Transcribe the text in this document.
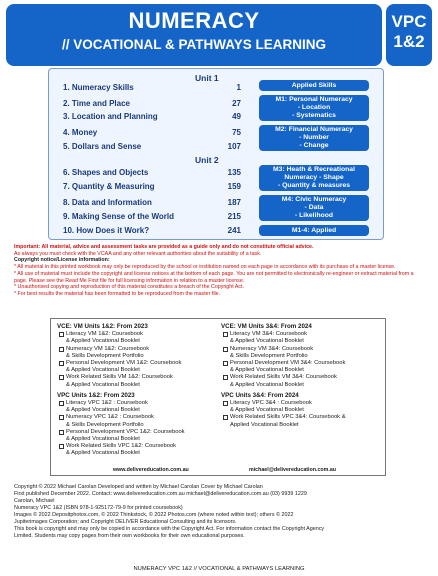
NUMERACY
// VOCATIONAL & PATHWAYS LEARNING
VPC
1&2
Unit 1
Unit 2
1. Numeracy Skills	1
2. Time and Place	27
3. Location and Planning	49
4. Money	75
5. Dollars and Sense	107
6. Shapes and Objects	135
7. Quantity & Measuring	159
8. Data and Information	187
9. Making Sense of the World	215
10. How Does it Work?	241
Applied Skills
M1: Personal Numeracy
- Location
- Systematics
M2: Financial Numeracy
- Number
- Change
M3: Heath & Recreational
Numeracy - Shape
- Quantity & measures
M4: Civic Numeracy
- Data
- Likelihood
M1-4: Applied
Important: All material, advice and assessment tasks are provided as a guide only and do not constitute official advice.
As always you must check with the VCAA and any other relevant authorities about the suitability of a task.
Copyright notice/License information:
* All material in this printed workbook may only be reproduced by the school or institution named on each page in accordance with its purchase of a master license.
* All use of material must include the copyright and license notices at the bottom of each page. You are not permitted to electronically re-engineer or extract material from a page. Please see the Read Me First file for full licensing information in relation to a master license.
* Unauthorised copying and reproduction of this material constitutes a breach of the Copyright Act.
* For best results the material has been formatted to be reproduced from the master file.
VCE: VM Units 1&2: From 2023
Literacy VM 1&2: Coursebook
& Applied Vocational Booklet
Numeracy VM 1&2: Coursebook
& Skills Development Portfolio
Personal Development VM 1&2: Coursebook
& Applied Vocational Booklet
Work Related Skills VM 1&2: Coursebook
& Applied Vocational Booklet
VPC Units 1&2: From 2023
Literacy VPC 1&2 : Coursebook
& Applied Vocational Booklet
Numeracy VPC 1&2 : Coursebook
& Skills Development Portfolio
Personal Development VPC 1&2: Coursebook
& Applied Vocational Booklet
Work Related Skills VPC 1&2: Coursebook
& Applied Vocational Booklet
VCE: VM Units 3&4: From 2024
Literacy VM 3&4: Coursebook
& Applied Vocational Booklet
Numeracy VM 3&4: Coursebook
& Skills Development Portfolio
Personal Development VM 3&4: Coursebook
& Applied Vocational Booklet
Work Related Skills VM 3&4: Coursebook
& Applied Vocational Booklet
VPC Units 3&4: From 2024
Literacy VPC 3&4 : Coursebook
& Applied Vocational Booklet
Work Related Skills VPC 3&4: Coursebook &
Applied Vocational Booklet
www.delivereducation.com.au	michael@delivereducation.com.au
Copyright © 2022 Michael Carolan Developed and written by Michael Carolan Cover by Michael Carolan
First published December 2022. Contact: www.delivereducation.com.au michael@delivereducation.com.au (03) 9939 1229
Carolan, Michael
Numeracy VPC 1&2 (ISBN 978-1-925172-79-9 for printed coursebook)
Images © 2022 Depositphotos.com, © 2022 Thinkstock, © 2022 Photos.com (where noted within text); others © 2022
Jupiterimages Corporation; and Copyright DELIVER Educational Consulting and its licensors.
This book is copyright and may only be copied in accordance with the Copyright Act. For information contact the Copyright Agency
Limited. Students may copy pages from their own workbooks for their own educational purposes.
NUMERACY VPC 1&2 // VOCATIONAL & PATHWAYS LEARNING
